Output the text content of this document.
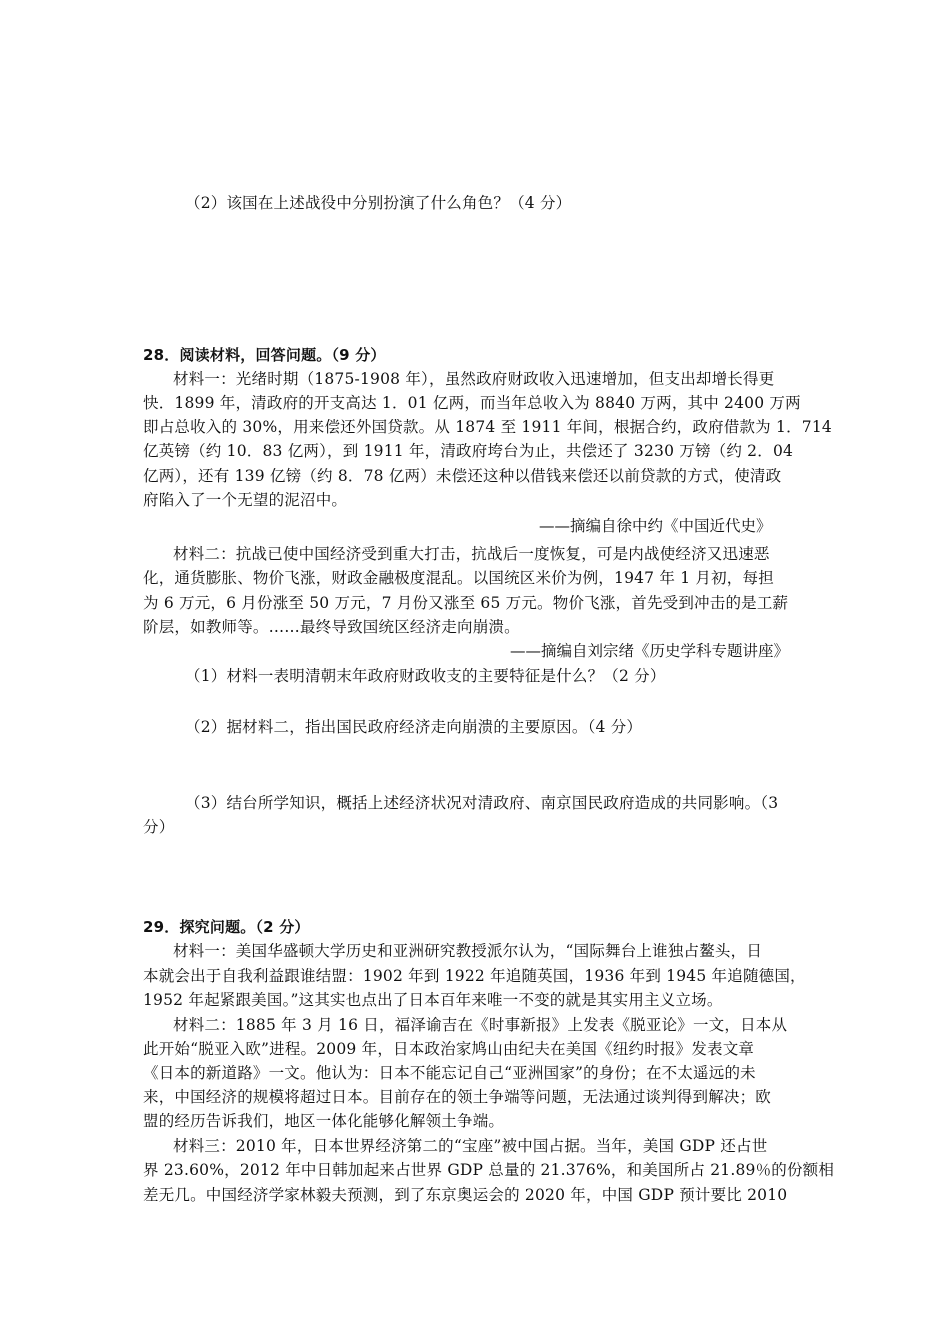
（2）该国在上述战役中分别扮演了什么角色？（4 分）
28．阅读材料，回答问题。（9 分）
材料一：光绪时期（1875-1908 年），虽然政府财政收入迅速增加，但支出却增长得更
快．1899 年，清政府的开支高达 1．01 亿两，而当年总收入为 8840 万两，其中 2400 万两
即占总收入的 30%，用来偿还外国贷款。从 1874 至 1911 年间，根据合约，政府借款为 1．714
亿英镑（约 10．83 亿两），到 1911 年，清政府垮台为止，共偿还了 3230 万镑（约 2．04
亿两），还有 139 亿镑（约 8．78 亿两）未偿还这种以借钱来偿还以前贷款的方式，使清政
府陷入了一个无望的泥沼中。
——摘编自徐中约《中国近代史》
材料二：抗战已使中国经济受到重大打击，抗战后一度恢复，可是内战使经济又迅速恶
化，通货膨胀、物价飞涨，财政金融极度混乱。以国统区米价为例，1947 年 1 月初，每担
为 6 万元，6 月份涨至 50 万元，7 月份又涨至 65 万元。物价飞涨，首先受到冲击的是工薪
阶层，如教师等。……最终导致国统区经济走向崩溃。
——摘编自刘宗绪《历史学科专题讲座》
（1）材料一表明清朝末年政府财政收支的主要特征是什么？（2 分）
（2）据材料二，指出国民政府经济走向崩溃的主要原因。（4 分）
（3）结台所学知识，概括上述经济状况对清政府、南京国民政府造成的共同影响。（3
分）
29．探究问题。（2 分）
材料一：美国华盛顿大学历史和亚洲研究教授派尔认为，“国际舞台上谁独占鳌头，日
本就会出于自我利益跟谁结盟：1902 年到 1922 年追随英国，1936 年到 1945 年追随德国，
1952 年起紧跟美国。”这其实也点出了日本百年来唯一不变的就是其实用主义立场。
材料二：1885 年 3 月 16 日，福泽谕吉在《时事新报》上发表《脱亚论》一文，日本从
此开始“脱亚入欧”进程。2009 年，日本政治家鸠山由纪夫在美国《纽约时报》发表文章
《日本的新道路》一文。他认为：日本不能忘记自己“亚洲国家”的身份；在不太遥远的未
来，中国经济的规模将超过日本。目前存在的领土争端等问题，无法通过谈判得到解决；欧
盟的经历告诉我们，地区一体化能够化解领土争端。
材料三：2010 年，日本世界经济第二的“宝座”被中国占据。当年，美国 GDP 还占世
界 23.60%，2012 年中日韩加起来占世界 GDP 总量的 21.376%，和美国所占 21.89％的份额相
差无几。中国经济学家林毅夫预测，到了东京奥运会的 2020 年，中国 GDP 预计要比 2010
